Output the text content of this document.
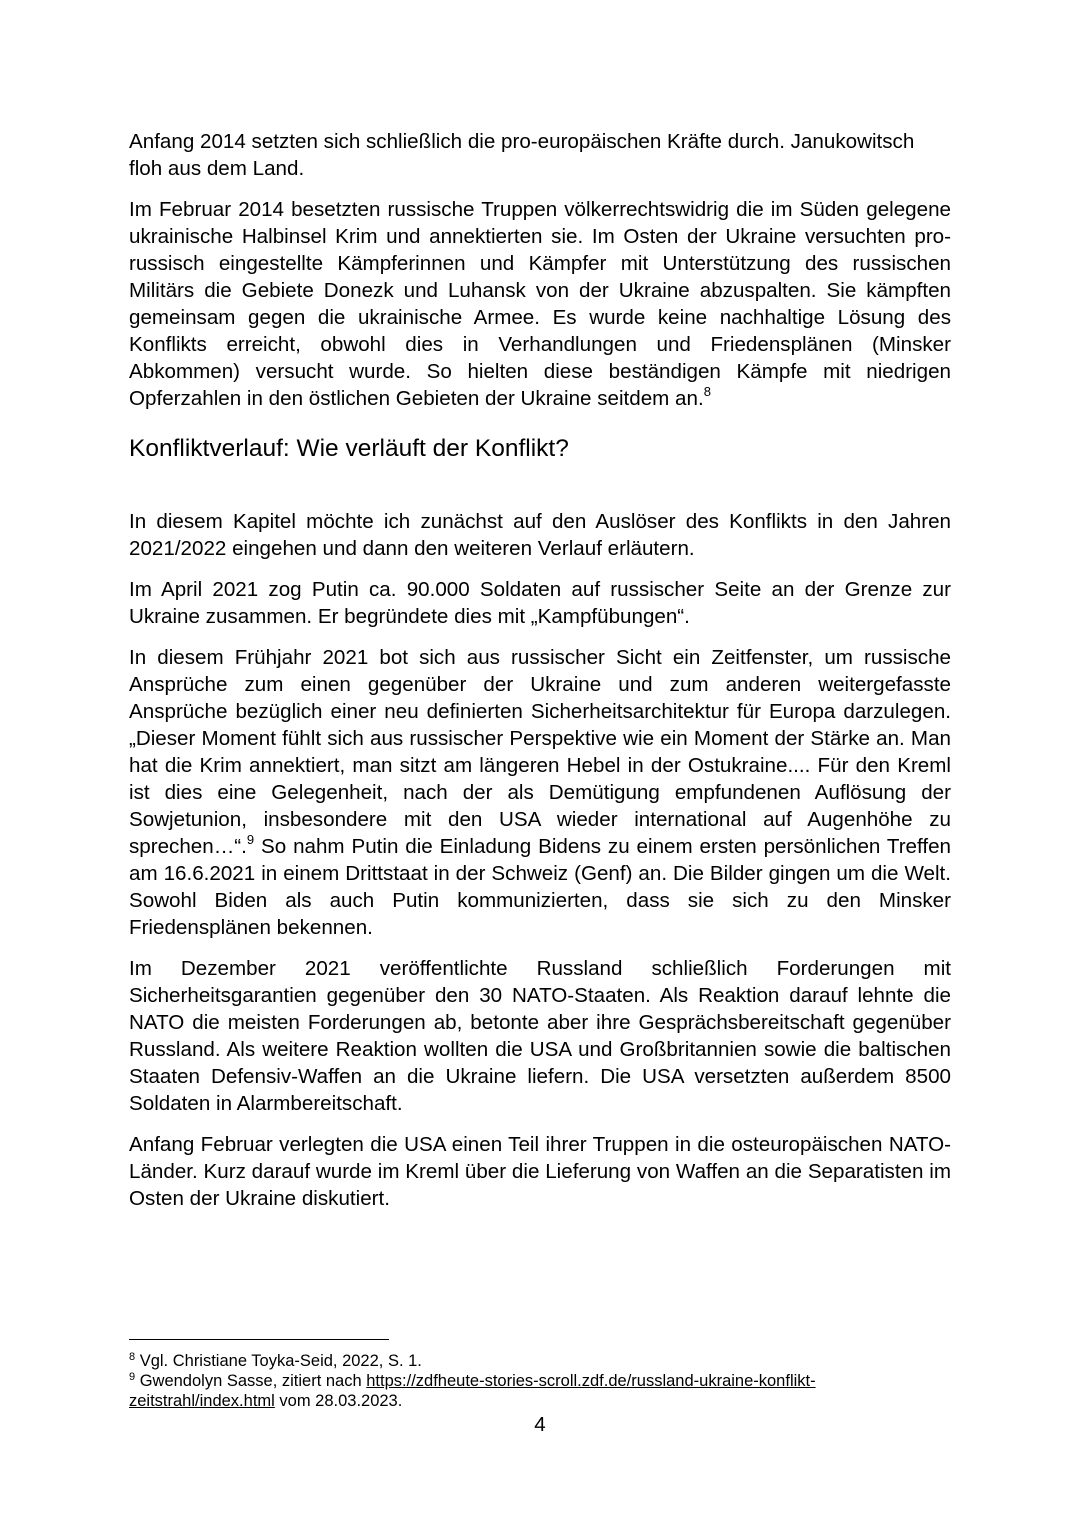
Anfang 2014 setzten sich schließlich die pro-europäischen Kräfte durch. Janukowitsch floh aus dem Land.

Im Februar 2014 besetzten russische Truppen völkerrechtswidrig die im Süden gelegene ukrainische Halbinsel Krim und annektierten sie. Im Osten der Ukraine versuchten pro-russisch eingestellte Kämpferinnen und Kämpfer mit Unterstützung des russischen Militärs die Gebiete Donezk und Luhansk von der Ukraine abzuspalten. Sie kämpften gemeinsam gegen die ukrainische Armee. Es wurde keine nachhaltige Lösung des Konflikts erreicht, obwohl dies in Verhandlungen und Friedensplänen (Minsker Abkommen) versucht wurde. So hielten diese beständigen Kämpfe mit niedrigen Opferzahlen in den östlichen Gebieten der Ukraine seitdem an.$^8$

Konfliktverlauf: Wie verläuft der Konflikt?

In diesem Kapitel möchte ich zunächst auf den Auslöser des Konflikts in den Jahren 2021/2022 eingehen und dann den weiteren Verlauf erläutern.

Im April 2021 zog Putin ca. 90.000 Soldaten auf russischer Seite an der Grenze zur Ukraine zusammen. Er begründete dies mit „Kampfübungen“.

In diesem Frühjahr 2021 bot sich aus russischer Sicht ein Zeitfenster, um russische Ansprüche zum einen gegenüber der Ukraine und zum anderen weitergefasste Ansprüche bezüglich einer neu definierten Sicherheitsarchitektur für Europa darzulegen. „Dieser Moment fühlt sich aus russischer Perspektive wie ein Moment der Stärke an. Man hat die Krim annektiert, man sitzt am längeren Hebel in der Ostukraine.... Für den Kreml ist dies eine Gelegenheit, nach der als Demütigung empfundenen Auflösung der Sowjetunion, insbesondere mit den USA wieder international auf Augenhöhe zu sprechen…“.$^9$ So nahm Putin die Einladung Bidens zu einem ersten persönlichen Treffen am 16.6.2021 in einem Drittstaat in der Schweiz (Genf) an. Die Bilder gingen um die Welt. Sowohl Biden als auch Putin kommunizierten, dass sie sich zu den Minsker Friedensplänen bekennen.

Im Dezember 2021 veröffentlichte Russland schließlich Forderungen mit Sicherheitsgarantien gegenüber den 30 NATO-Staaten. Als Reaktion darauf lehnte die NATO die meisten Forderungen ab, betonte aber ihre Gesprächsbereitschaft gegenüber Russland. Als weitere Reaktion wollten die USA und Großbritannien sowie die baltischen Staaten Defensiv-Waffen an die Ukraine liefern. Die USA versetzten außerdem 8500 Soldaten in Alarmbereitschaft.

Anfang Februar verlegten die USA einen Teil ihrer Truppen in die osteuropäischen NATO-Länder. Kurz darauf wurde im Kreml über die Lieferung von Waffen an die Separatisten im Osten der Ukraine diskutiert.

$^8$ Vgl. Christiane Toyka-Seid, 2022, S. 1.

$^9$ Gwendolyn Sasse, zitiert nach https://zdfheute-stories-scroll.zdf.de/russland-ukraine-konflikt-zeitstrahl/index.html vom 28.03.2023.

4
